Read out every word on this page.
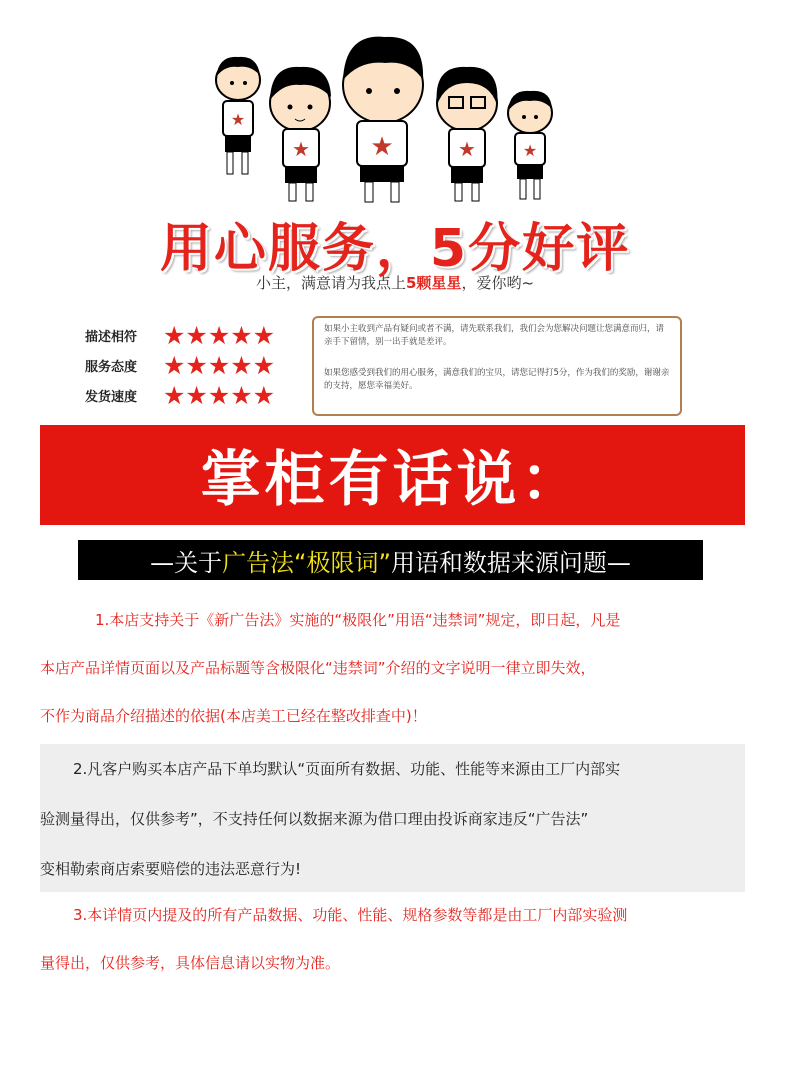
★
★ ★	★	★
用心服务，5分好评
小主，满意请为我点上5颗星星，爱你哟~
描述相符	★★★★★
服务态度	★★★★★
发货速度	★★★★★

如果小主收到产品有疑问或者不满，请先联系我们，我们会为您解决问题让您满意而归，请亲手下留情，别一出手就是差评。

如果您感受到我们的用心服务，满意我们的宝贝，请您记得打5分，作为我们的奖励，谢谢亲的支持，愿您幸福美好。

掌柜有话说：
—关于 广告法“极限词” 用语和数据来源问题—
1.本店支持关于《新广告法》实施的“极限化”用语“违禁词”规定，即日起，凡是
本店产品详情页面以及产品标题等含极限化“违禁词”介绍的文字说明一律立即失效，
不作为商品介绍描述的依据(本店美工已经在整改排查中)！
2.凡客户购买本店产品下单均默认“页面所有数据、功能、性能等来源由工厂内部实
验测量得出，仅供参考”，不支持任何以数据来源为借口理由投诉商家违反“广告法”
变相勒索商店索要赔偿的违法恶意行为!
3.本详情页内提及的所有产品数据、功能、性能、规格参数等都是由工厂内部实验测
量得出，仅供参考，具体信息请以实物为准。
